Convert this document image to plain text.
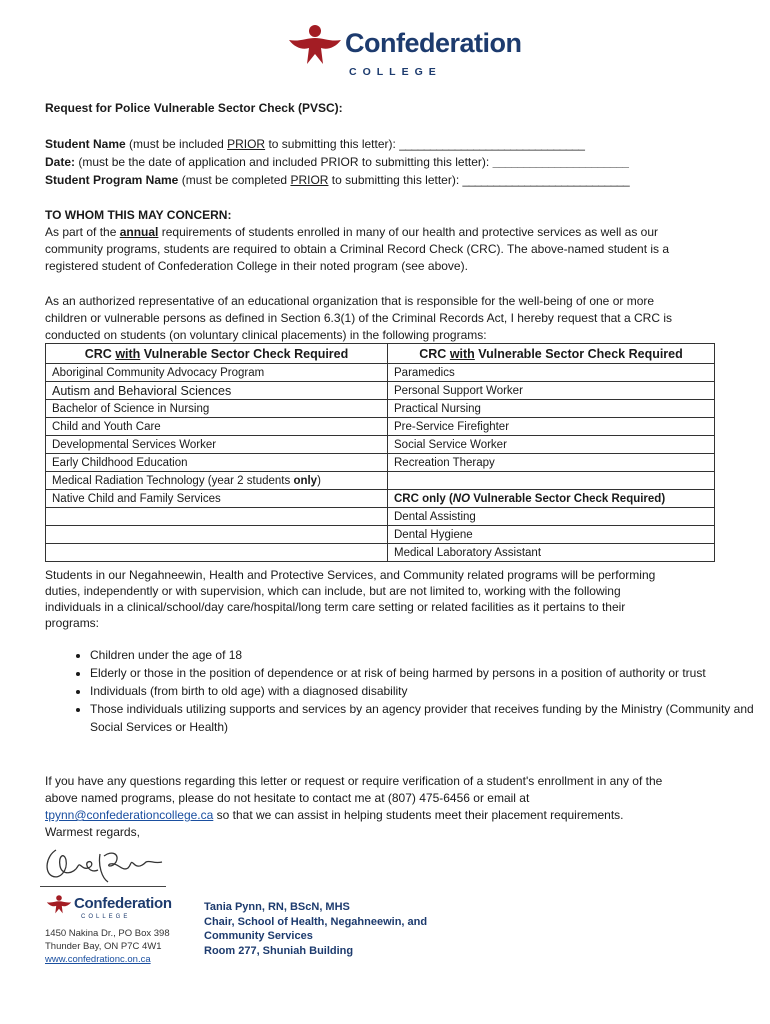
Confederation
COLLEGE
Request for Police Vulnerable Sector Check (PVSC):
Student Name (must be included PRIOR to submitting this letter): ______________________________
Date: (must be the date of application and included PRIOR to submitting this letter): ______________________
Student Program Name (must be completed PRIOR to submitting this letter): ___________________________
TO WHOM THIS MAY CONCERN:
As part of the annual requirements of students enrolled in many of our health and protective services as well as our
community programs, students are required to obtain a Criminal Record Check (CRC). The above-named student is a
registered student of Confederation College in their noted program (see above).
As an authorized representative of an educational organization that is responsible for the well-being of one or more
children or vulnerable persons as defined in Section 6.3(1) of the Criminal Records Act, I hereby request that a CRC is
conducted on students (on voluntary clinical placements) in the following programs:
CRC with Vulnerable Sector Check Required	CRC with Vulnerable Sector Check Required
Aboriginal Community Advocacy Program	Paramedics
Autism and Behavioral Sciences	Personal Support Worker
Bachelor of Science in Nursing	Practical Nursing
Child and Youth Care	Pre-Service Firefighter
Developmental Services Worker	Social Service Worker
Early Childhood Education	Recreation Therapy
Medical Radiation Technology (year 2 students only)	
Native Child and Family Services	CRC only (NO Vulnerable Sector Check Required)
	Dental Assisting
	Dental Hygiene
	Medical Laboratory Assistant
Students in our Negahneewin, Health and Protective Services, and Community related programs will be performing
duties, independently or with supervision, which can include, but are not limited to, working with the following
individuals in a clinical/school/day care/hospital/long term care setting or related facilities as it pertains to their
programs:
• Children under the age of 18
• Elderly or those in the position of dependence or at risk of being harmed by persons in a position of authority or trust
• Individuals (from birth to old age) with a diagnosed disability
• Those individuals utilizing supports and services by an agency provider that receives funding by the Ministry (Community and Social Services or Health)
If you have any questions regarding this letter or request or require verification of a student's enrollment in any of the
above named programs, please do not hesitate to contact me at (807) 475-6456 or email at
tpynn@confederationcollege.ca so that we can assist in helping students meet their placement requirements.
Warmest regards,
Confederation
COLLEGE
1450 Nakina Dr., PO Box 398
Thunder Bay, ON P7C 4W1
www.confedrationc.on.ca
Tania Pynn, RN, BScN, MHS
Chair, School of Health, Negahneewin, and
Community Services
Room 277, Shuniah Building
